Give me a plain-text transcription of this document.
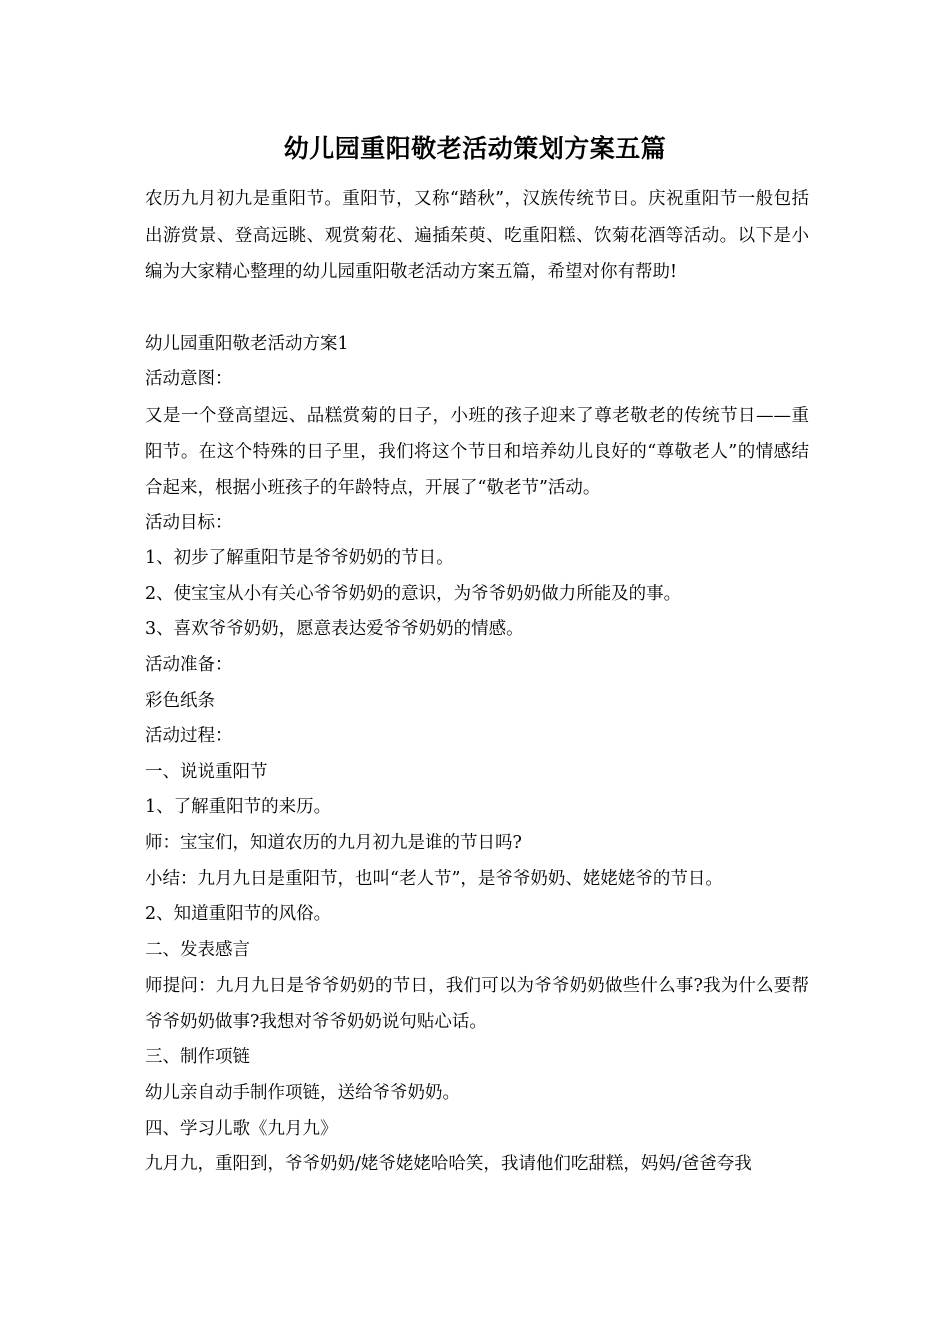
幼儿园重阳敬老活动策划方案五篇
农历九月初九是重阳节。重阳节，又称“踏秋”，汉族传统节日。庆祝重阳节一般包括出游赏景、登高远眺、观赏菊花、遍插茱萸、吃重阳糕、饮菊花酒等活动。以下是小编为大家精心整理的幼儿园重阳敬老活动方案五篇，希望对你有帮助!

幼儿园重阳敬老活动方案1

活动意图：

又是一个登高望远、品糕赏菊的日子，小班的孩子迎来了尊老敬老的传统节日——重阳节。在这个特殊的日子里，我们将这个节日和培养幼儿良好的“尊敬老人”的情感结合起来，根据小班孩子的年龄特点，开展了“敬老节”活动。

活动目标：

1、初步了解重阳节是爷爷奶奶的节日。

2、使宝宝从小有关心爷爷奶奶的意识，为爷爷奶奶做力所能及的事。

3、喜欢爷爷奶奶，愿意表达爱爷爷奶奶的情感。

活动准备：

彩色纸条

活动过程：

一、说说重阳节

1、了解重阳节的来历。

师：宝宝们，知道农历的九月初九是谁的节日吗?

小结：九月九日是重阳节，也叫“老人节”，是爷爷奶奶、姥姥姥爷的节日。

2、知道重阳节的风俗。

二、发表感言

师提问：九月九日是爷爷奶奶的节日，我们可以为爷爷奶奶做些什么事?我为什么要帮爷爷奶奶做事?我想对爷爷奶奶说句贴心话。

三、制作项链

幼儿亲自动手制作项链，送给爷爷奶奶。

四、学习儿歌《九月九》

九月九，重阳到，爷爷奶奶/姥爷姥姥哈哈笑，我请他们吃甜糕，妈妈/爸爸夸我
